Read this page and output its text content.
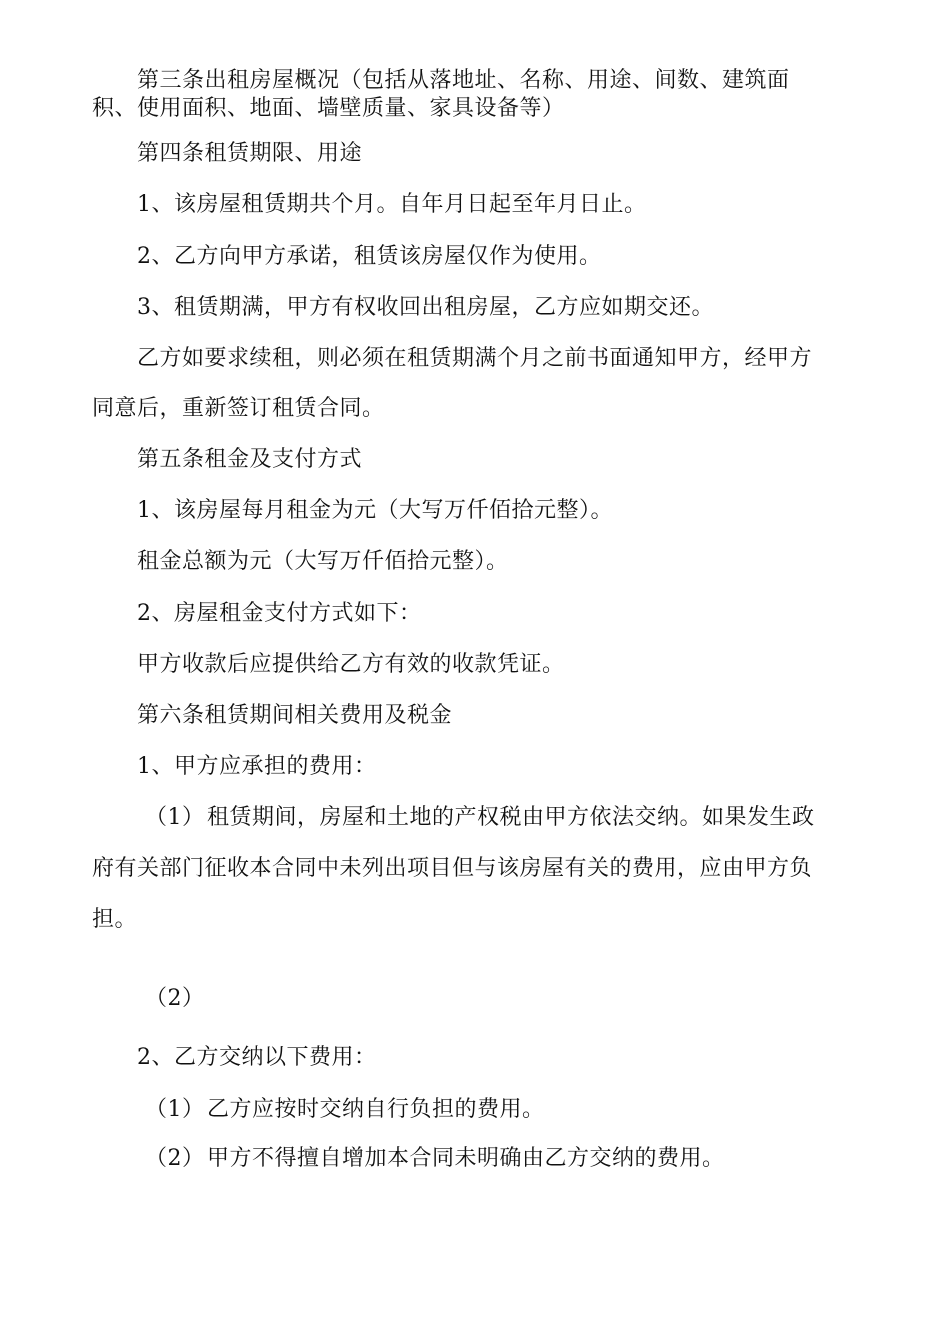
第三条出租房屋概况（包括从落地址、名称、用途、间数、建筑面
积、使用面积、地面、墙壁质量、家具设备等）
第四条租赁期限、用途
1、该房屋租赁期共个月。自年月日起至年月日止。
2、乙方向甲方承诺，租赁该房屋仅作为使用。
3、租赁期满，甲方有权收回出租房屋，乙方应如期交还。
乙方如要求续租，则必须在租赁期满个月之前书面通知甲方，经甲方
同意后，重新签订租赁合同。
第五条租金及支付方式
1、该房屋每月租金为元（大写万仟佰拾元整）。
租金总额为元（大写万仟佰拾元整）。
2、房屋租金支付方式如下：
甲方收款后应提供给乙方有效的收款凭证。
第六条租赁期间相关费用及税金
1、甲方应承担的费用：
（1） 租赁期间，房屋和土地的产权税由甲方依法交纳。如果发生政
府有关部门征收本合同中未列出项目但与该房屋有关的费用，应由甲方负
担。
（2）
2、乙方交纳以下费用：
（1） 乙方应按时交纳自行负担的费用。
（2） 甲方不得擅自增加本合同未明确由乙方交纳的费用。
